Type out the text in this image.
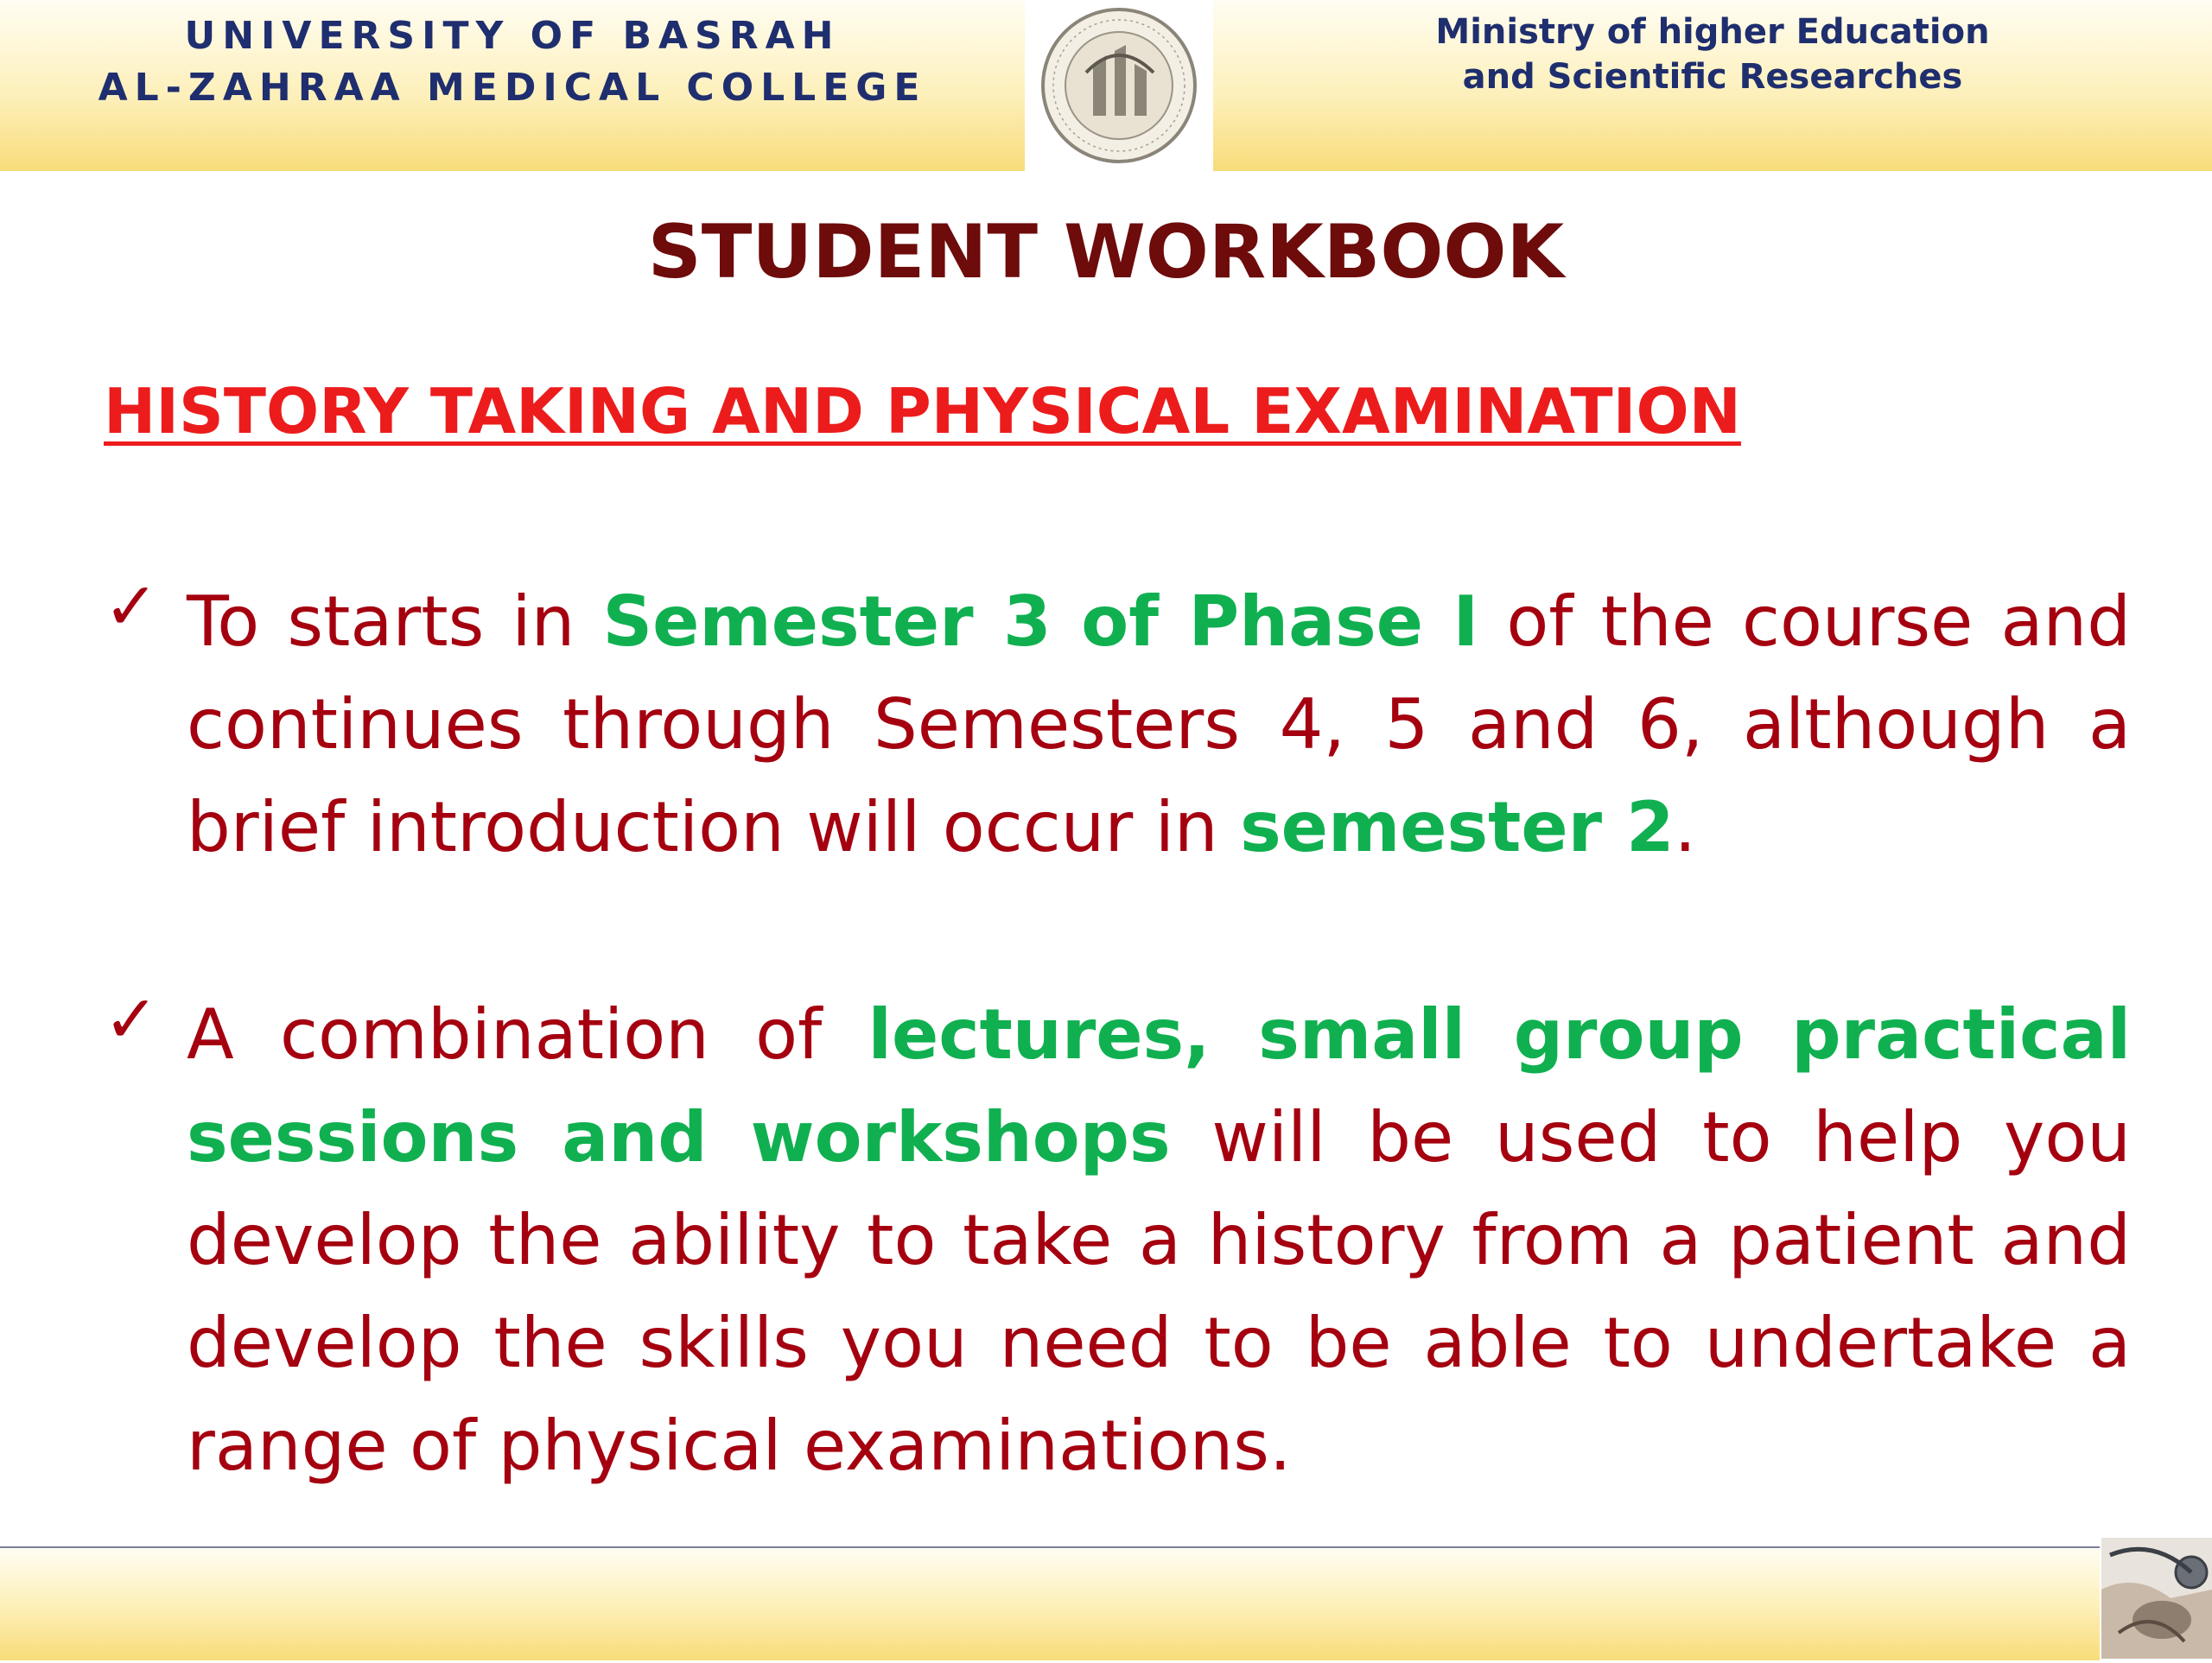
UNIVERSITY OF BASRAH
AL-ZAHRAA MEDICAL COLLEGE
Ministry of higher Education
and Scientific Researches
STUDENT WORKBOOK
HISTORY TAKING AND PHYSICAL EXAMINATION
✓ To starts in Semester 3 of Phase I of the course and continues through Semesters 4, 5 and 6, although a brief introduction will occur in semester 2.
✓ A combination of lectures, small group practical sessions and workshops will be used to help you develop the ability to take a history from a patient and develop the skills you need to be able to undertake a range of physical examinations.
